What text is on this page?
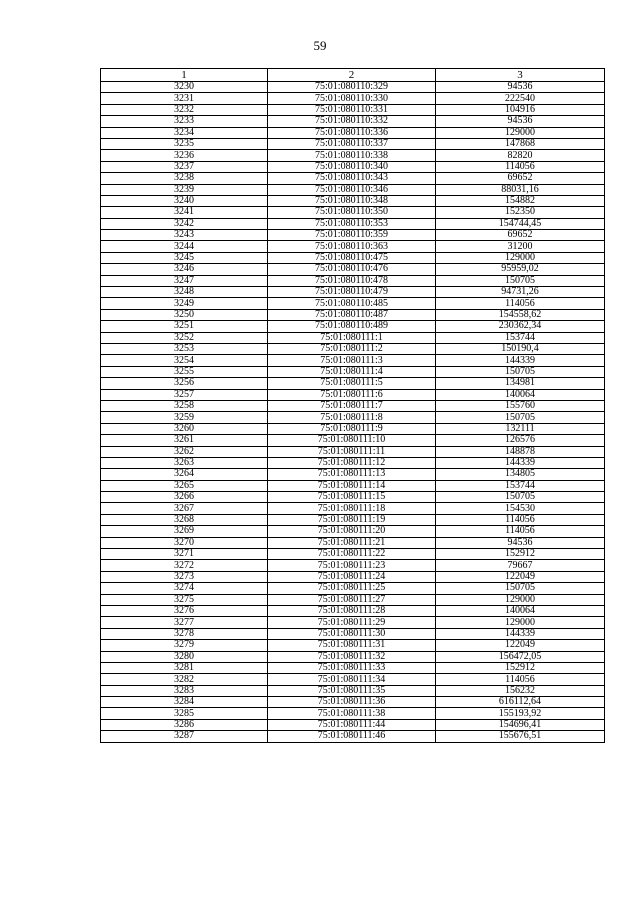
59
1	2	3
3230	75:01:080110:329	94536
3231	75:01:080110:330	222540
3232	75:01:080110:331	104916
3233	75:01:080110:332	94536
3234	75:01:080110:336	129000
3235	75:01:080110:337	147868
3236	75:01:080110:338	82820
3237	75:01:080110:340	114056
3238	75:01:080110:343	69652
3239	75:01:080110:346	88031,16
3240	75:01:080110:348	154882
3241	75:01:080110:350	152350
3242	75:01:080110:353	154744,45
3243	75:01:080110:359	69652
3244	75:01:080110:363	31200
3245	75:01:080110:475	129000
3246	75:01:080110:476	95959,02
3247	75:01:080110:478	150705
3248	75:01:080110:479	94731,26
3249	75:01:080110:485	114056
3250	75:01:080110:487	154558,62
3251	75:01:080110:489	230362,34
3252	75:01:080111:1	153744
3253	75:01:080111:2	150190,4
3254	75:01:080111:3	144339
3255	75:01:080111:4	150705
3256	75:01:080111:5	134981
3257	75:01:080111:6	140064
3258	75:01:080111:7	155760
3259	75:01:080111:8	150705
3260	75:01:080111:9	132111
3261	75:01:080111:10	126576
3262	75:01:080111:11	148878
3263	75:01:080111:12	144339
3264	75:01:080111:13	134805
3265	75:01:080111:14	153744
3266	75:01:080111:15	150705
3267	75:01:080111:18	154530
3268	75:01:080111:19	114056
3269	75:01:080111:20	114056
3270	75:01:080111:21	94536
3271	75:01:080111:22	152912
3272	75:01:080111:23	79667
3273	75:01:080111:24	122049
3274	75:01:080111:25	150705
3275	75:01:080111:27	129000
3276	75:01:080111:28	140064
3277	75:01:080111:29	129000
3278	75:01:080111:30	144339
3279	75:01:080111:31	122049
3280	75:01:080111:32	156472,05
3281	75:01:080111:33	152912
3282	75:01:080111:34	114056
3283	75:01:080111:35	156232
3284	75:01:080111:36	616112,64
3285	75:01:080111:38	155193,92
3286	75:01:080111:44	154696,41
3287	75:01:080111:46	155676,51
